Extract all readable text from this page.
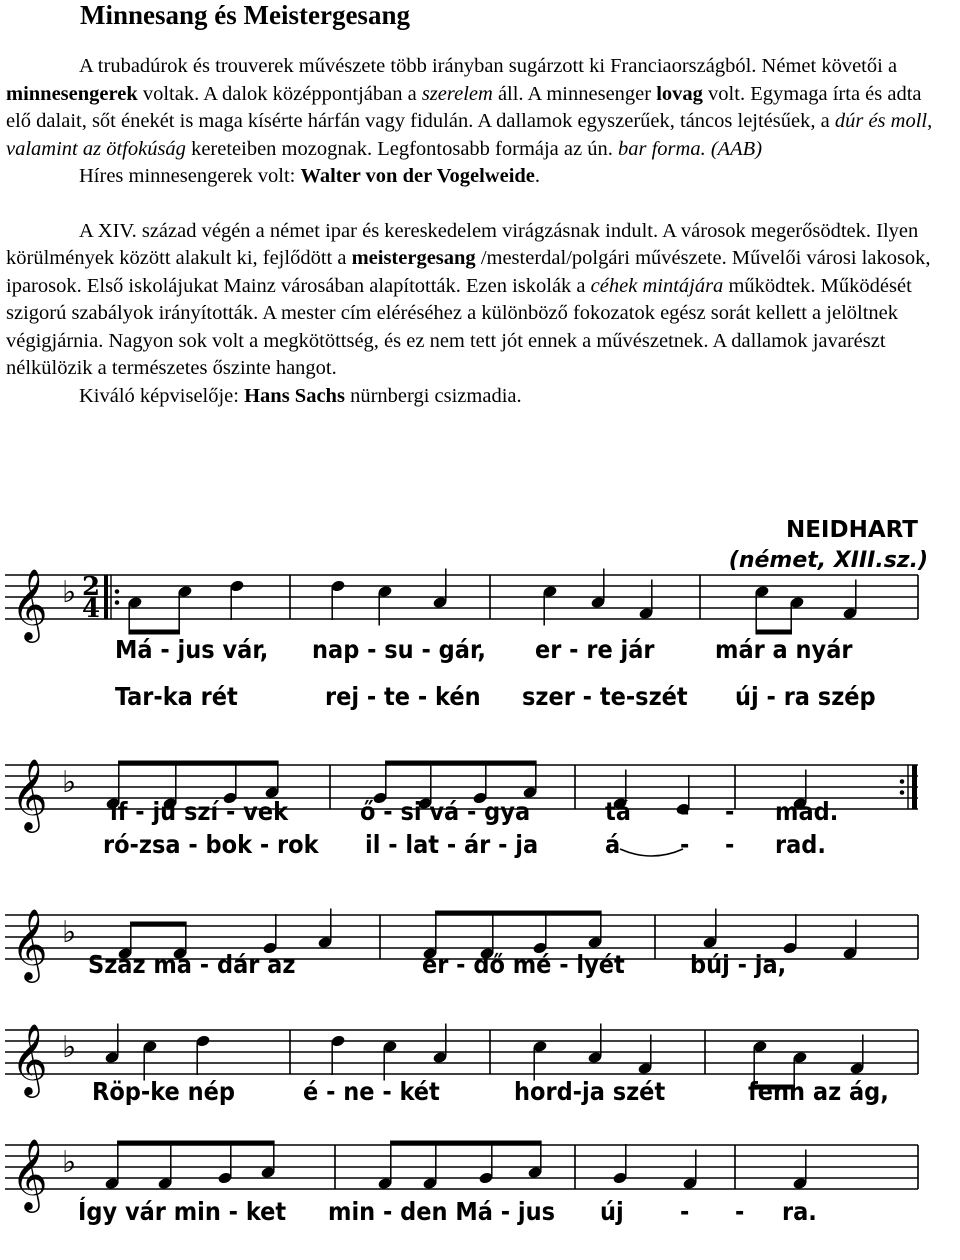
Minnesang és Meistergesang

A trubadúrok és trouverek művészete több irányban sugárzott ki Franciaországból. Német követői a minnesengerek voltak. A dalok középpontjában a szerelem áll. A minnesenger lovag volt. Egymaga írta és adta elő dalait, sőt énekét is maga kísérte hárfán vagy fidulán. A dallamok egyszerűek, táncos lejtésűek, a dúr és moll, valamint az ötfokúság kereteiben mozognak. Legfontosabb formája az ún. bar forma. (AAB)

Híres minnesengerek volt: Walter von der Vogelweide.

A XIV. század végén a német ipar és kereskedelem virágzásnak indult. A városok megerősödtek. Ilyen körülmények között alakult ki, fejlődött a meistergesang /mesterdal/polgári művészete. Művelői városi lakosok, iparosok. Első iskolájukat Mainz városában alapították. Ezen iskolák a céhek mintájára működtek. Működését szigorú szabályok irányították. A mester cím eléréséhez a különböző fokozatok egész sorát kellett a jelöltnek végigjárnia. Nagyon sok volt a megkötöttség, és ez nem tett jót ennek a művészetnek. A dallamok javarészt nélkülözik a természetes őszinte hangot.

Kiváló képviselője: Hans Sachs nürnbergi csizmadia.

NEIDHART
(német, XIII.sz.)
𝄞 ♭ 2
4
Má - jus vár, nap - su - gár, er - re jár már a nyár
Tar-ka rét	rej - te - kén szer - te-szét új - ra szép
𝄞 ♭
if - jú szí - vek	ő - si vá - gya	tá - - mad.
ró-zsa - bok - rok il - lat - ár - ja	á - - rad.
𝄞 ♭
Száz ma - dár az	er - dő mé - lyét	búj - ja,
𝄞 ♭
Röp-ke nép	é - ne - két	hord-ja szét	fenn az ág,
𝄞 ♭
Így vár min - ket min - den Má - jus új - - ra.
